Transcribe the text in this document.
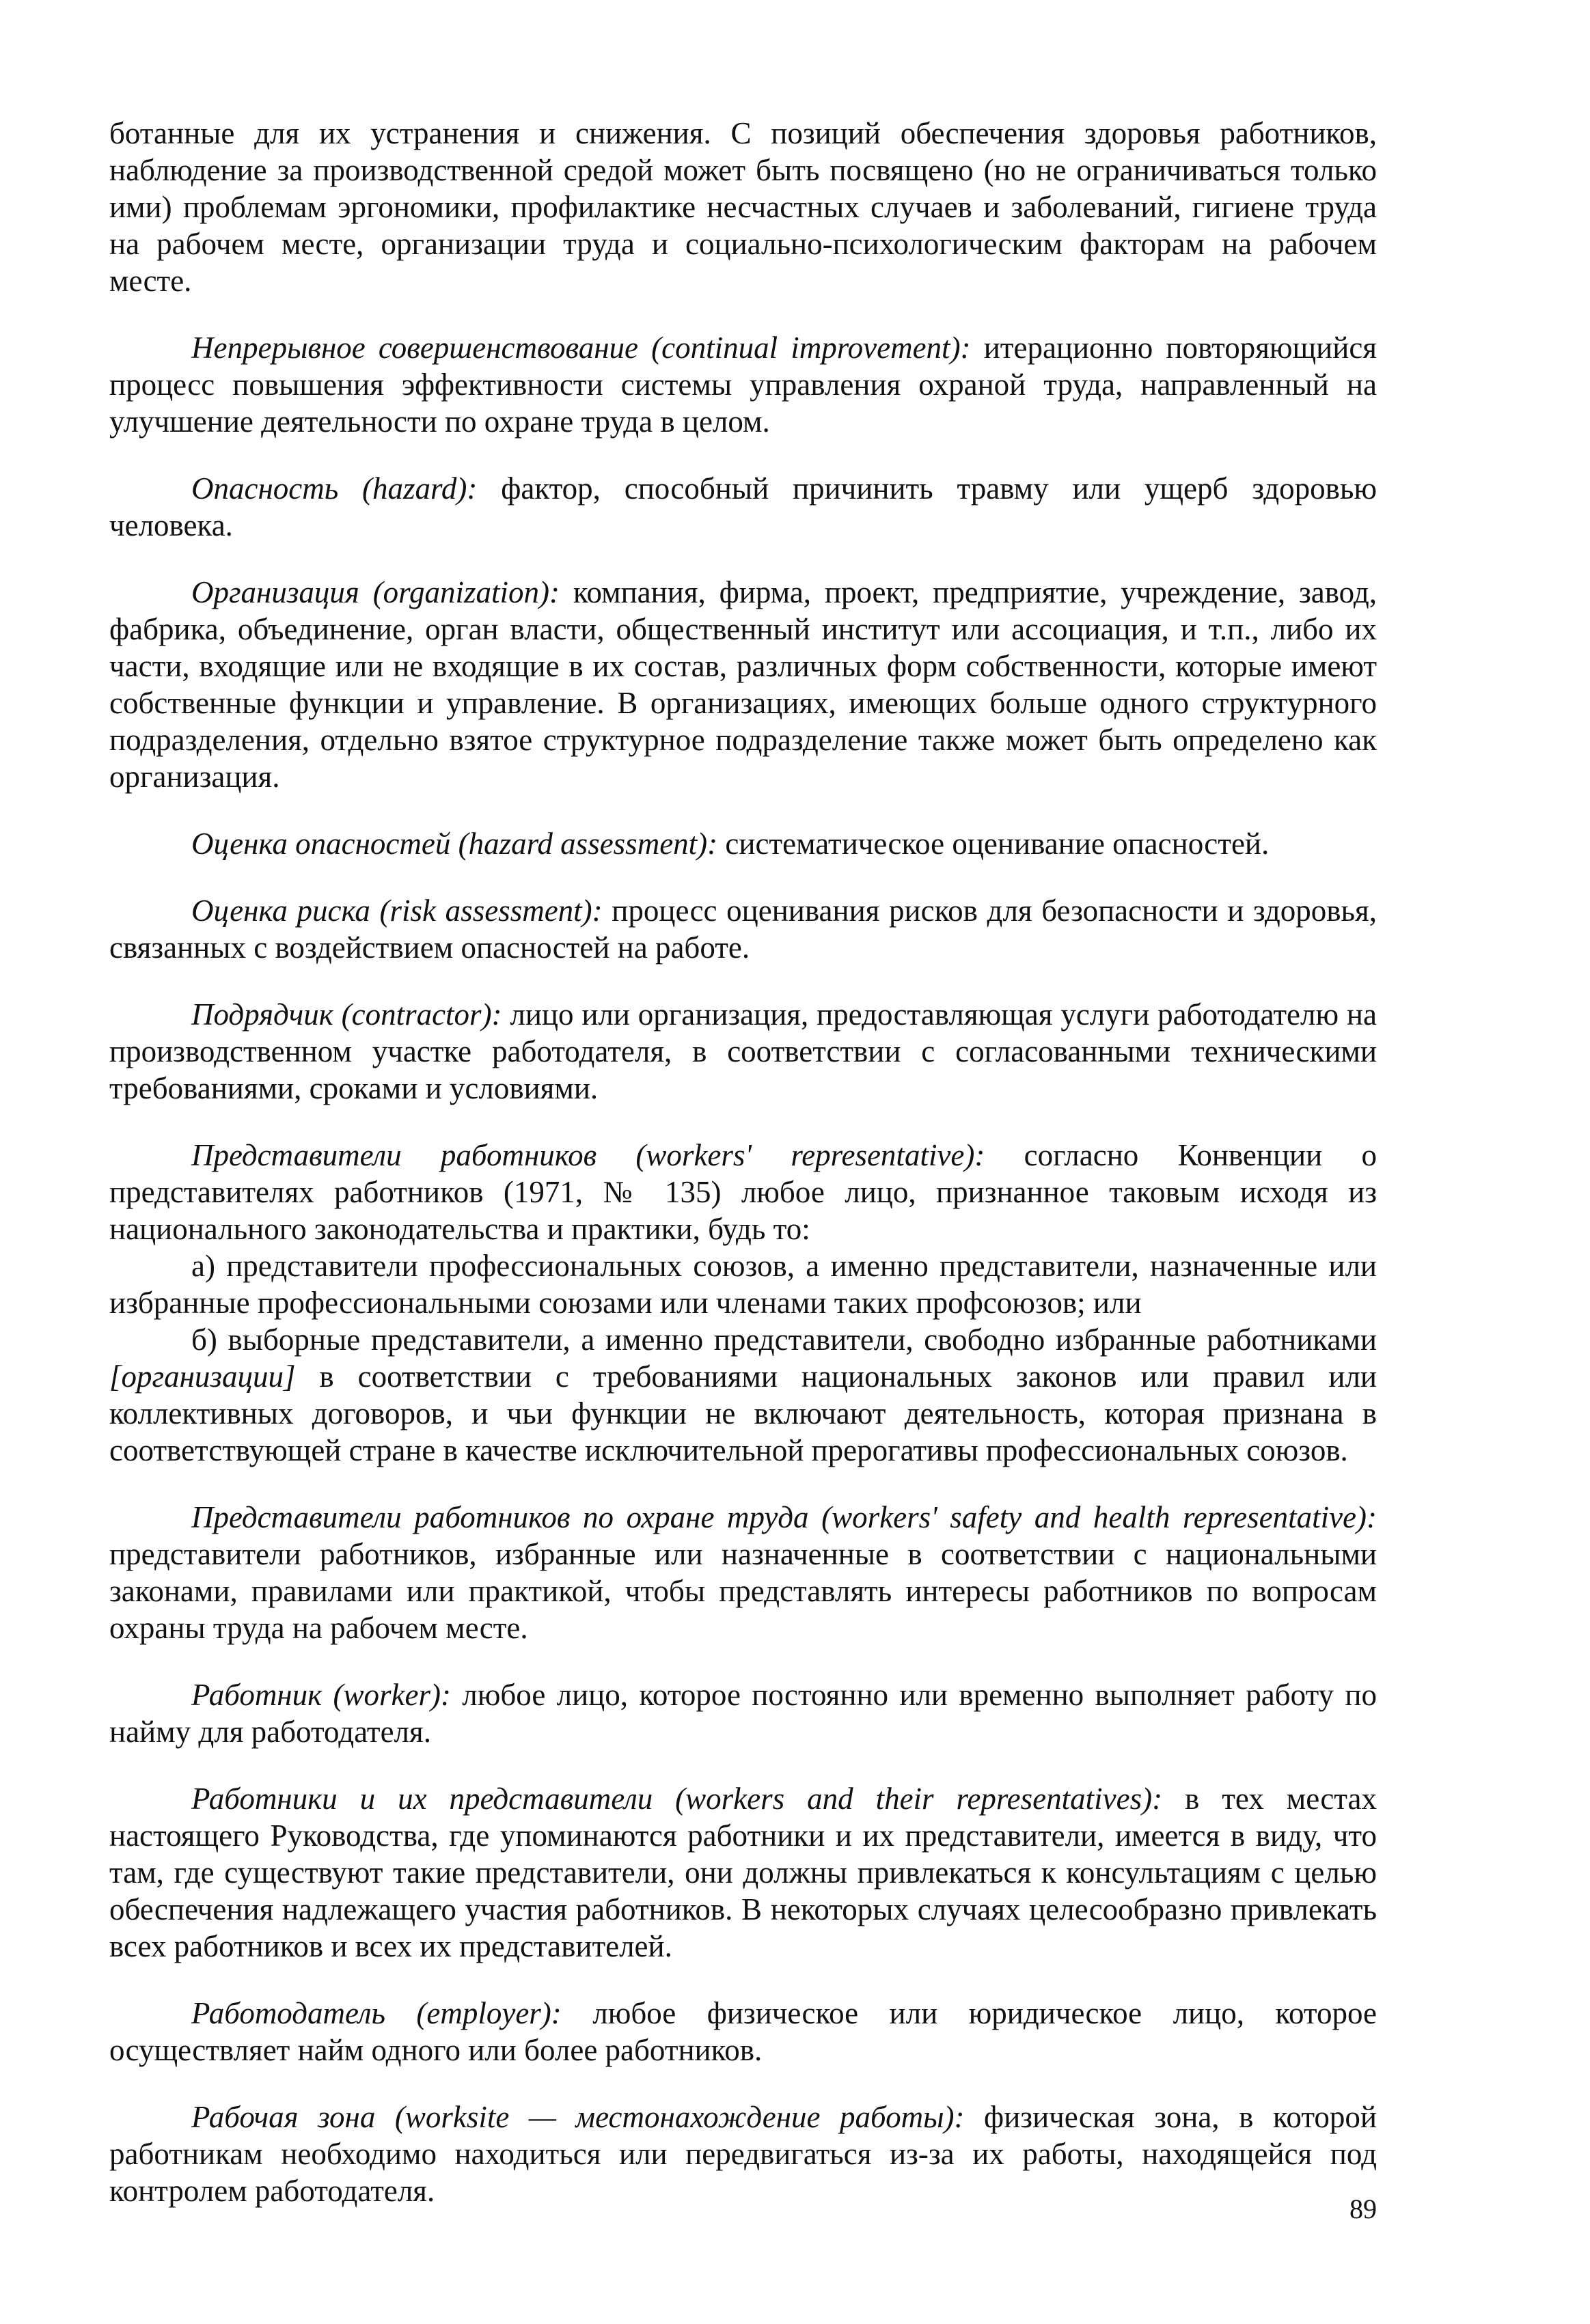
ботанные для их устранения и снижения. С позиций обеспечения здоровья работников, наблюдение за производственной средой может быть посвящено (но не ограничиваться только ими) проблемам эргономики, профилактике несчастных случаев и заболеваний, гигиене труда на рабочем месте, организации труда и социально-психологическим факторам на рабочем месте.

Непрерывное совершенствование (continual improvement): итерационно повторяющийся процесс повышения эффективности системы управления охраной труда, направленный на улучшение деятельности по охране труда в целом.

Опасность (hazard): фактор, способный причинить травму или ущерб здоровью человека.

Организация (organization): компания, фирма, проект, предприятие, учреждение, завод, фабрика, объединение, орган власти, общественный институт или ассоциация, и т.п., либо их части, входящие или не входящие в их состав, различных форм собственности, которые имеют собственные функции и управление. В организациях, имеющих больше одного структурного подразделения, отдельно взятое структурное подразделение также может быть определено как организация.

Оценка опасностей (hazard assessment): систематическое оценивание опасностей.

Оценка риска (risk assessment): процесс оценивания рисков для безопасности и здоровья, связанных с воздействием опасностей на работе.

Подрядчик (contractor): лицо или организация, предоставляющая услуги работодателю на производственном участке работодателя, в соответствии с согласованными техническими требованиями, сроками и условиями.

Представители работников (workers' representative): согласно Конвенции о представителях работников (1971, № 135) любое лицо, признанное таковым исходя из национального законодательства и практики, будь то:

а) представители профессиональных союзов, а именно представители, назначенные или избранные профессиональными союзами или членами таких профсоюзов; или

б) выборные представители, а именно представители, свободно избранные работниками [организации] в соответствии с требованиями национальных законов или правил или коллективных договоров, и чьи функции не включают деятельность, которая признана в соответствующей стране в качестве исключительной прерогативы профессиональных союзов.

Представители работников по охране труда (workers' safety and health representative): представители работников, избранные или назначенные в соответствии с национальными законами, правилами или практикой, чтобы представлять интересы работников по вопросам охраны труда на рабочем месте.

Работник (worker): любое лицо, которое постоянно или временно выполняет работу по найму для работодателя.

Работники и их представители (workers and their representatives): в тех местах настоящего Руководства, где упоминаются работники и их представители, имеется в виду, что там, где существуют такие представители, они должны привлекаться к консультациям с целью обеспечения надлежащего участия работников. В некоторых случаях целесообразно привлекать всех работников и всех их представителей.

Работодатель (employer): любое физическое или юридическое лицо, которое осуществляет найм одного или более работников.

Рабочая зона (worksite — местонахождение работы): физическая зона, в которой работникам необходимо находиться или передвигаться из-за их работы, находящейся под контролем работодателя.

89
